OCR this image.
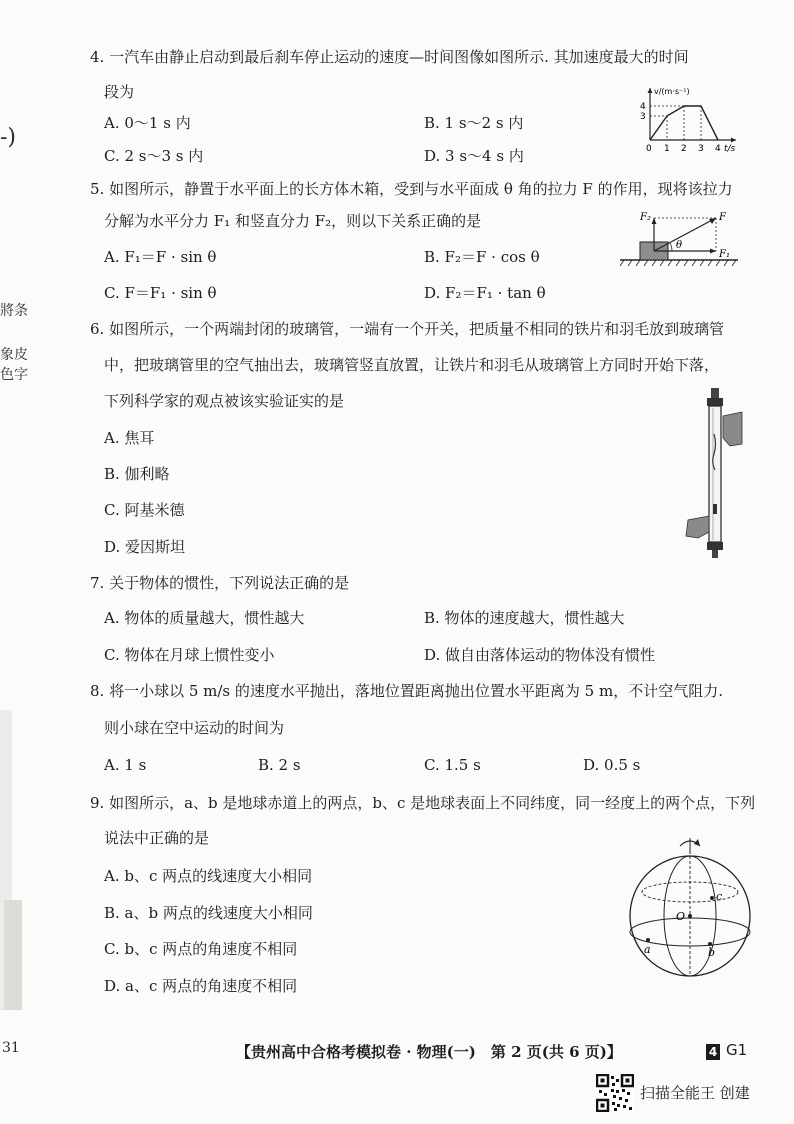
-)
將条
象皮
色字
31
4. 一汽车由静止启动到最后刹车停止运动的速度—时间图像如图所示. 其加速度最大的时间
段为
A. 0～1 s 内	B. 1 s～2 s 内
C. 2 s～3 s 内	D. 3 s～4 s 内
v/(m·s⁻¹)
4
3
0 1 2 3 4 t/s
5. 如图所示，静置于水平面上的长方体木箱，受到与水平面成 θ 角的拉力 F 的作用，现将该拉力
分解为水平分力 F₁ 和竖直分力 F₂，则以下关系正确的是
A. F₁＝F · sin θ	B. F₂＝F · cos θ
C. F＝F₁ · sin θ	D. F₂＝F₁ · tan θ
θ
F
F₁
F₂
6. 如图所示，一个两端封闭的玻璃管，一端有一个开关，把质量不相同的铁片和羽毛放到玻璃管
中，把玻璃管里的空气抽出去，玻璃管竖直放置，让铁片和羽毛从玻璃管上方同时开始下落，
下列科学家的观点被该实验证实的是
A. 焦耳
B. 伽利略
C. 阿基米德
D. 爱因斯坦
7. 关于物体的惯性，下列说法正确的是
A. 物体的质量越大，惯性越大	B. 物体的速度越大，惯性越大
C. 物体在月球上惯性变小	D. 做自由落体运动的物体没有惯性
8. 将一小球以 5 m/s 的速度水平抛出，落地位置距离抛出位置水平距离为 5 m，不计空气阻力.
则小球在空中运动的时间为
A. 1 s	B. 2 s	C. 1.5 s	D. 0.5 s
9. 如图所示，a、b 是地球赤道上的两点，b、c 是地球表面上不同纬度，同一经度上的两个点，下列
说法中正确的是
A. b、c 两点的线速度大小相同
B. a、b 两点的线速度大小相同
C. b、c 两点的角速度不相同
D. a、c 两点的角速度不相同
O
a	b
c
【贵州高中合格考模拟卷 · 物理(一)　第 2 页(共 6 页)】	4 G1
扫描全能王 创建
